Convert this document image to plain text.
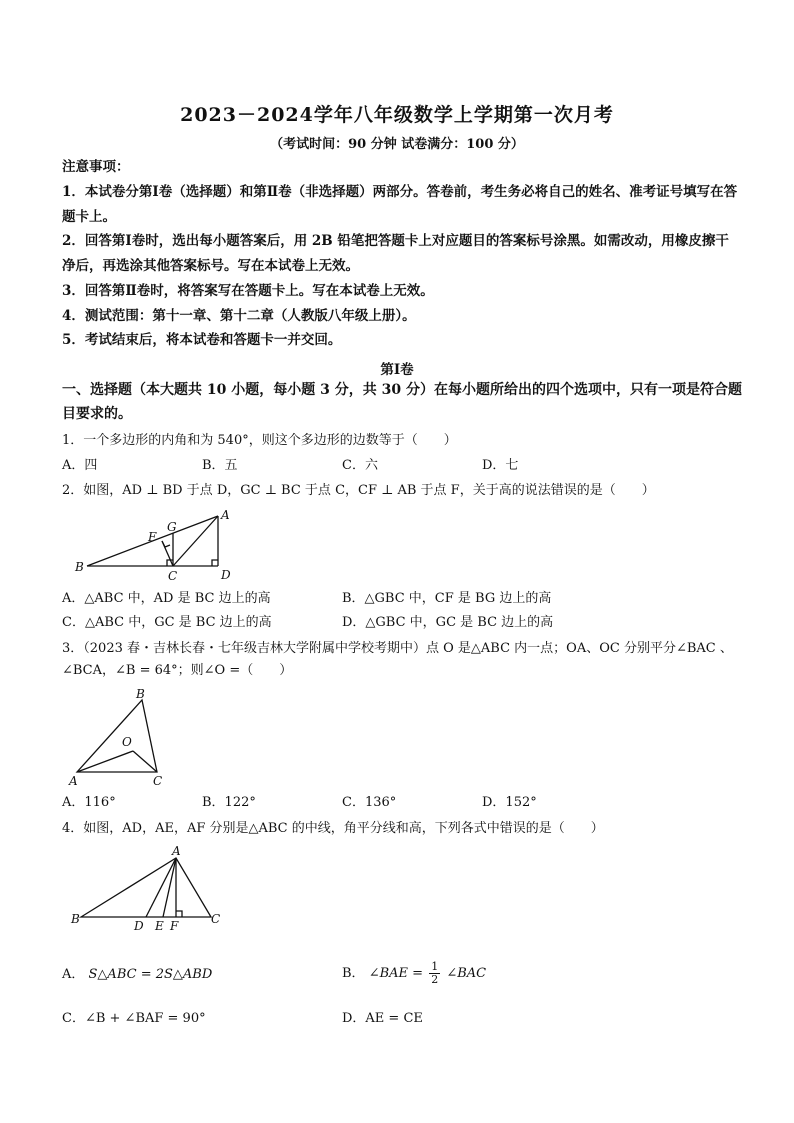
2023－2024学年八年级数学上学期第一次月考
（考试时间：90 分钟 试卷满分：100 分）
注意事项：
1．本试卷分第Ⅰ卷（选择题）和第Ⅱ卷（非选择题）两部分。答卷前，考生务必将自己的姓名、准考证号填写在答题卡上。
2．回答第Ⅰ卷时，选出每小题答案后，用 2B 铅笔把答题卡上对应题目的答案标号涂黑。如需改动，用橡皮擦干净后，再选涂其他答案标号。写在本试卷上无效。
3．回答第Ⅱ卷时，将答案写在答题卡上。写在本试卷上无效。
4．测试范围：第十一章、第十二章（人教版八年级上册）。
5．考试结束后，将本试卷和答题卡一并交回。
第Ⅰ卷
一、选择题（本大题共 10 小题，每小题 3 分，共 30 分）在每小题所给出的四个选项中，只有一项是符合题目要求的。
1．一个多边形的内角和为 540°，则这个多边形的边数等于（　　）
A．四	B．五	C．六	D．七
2．如图，AD ⊥ BD 于点 D，GC ⊥ BC 于点 C，CF ⊥ AB 于点 F，关于高的说法错误的是（　　）
A
B
C	D
F
G
A．△ABC 中，AD 是 BC 边上的高	B．△GBC 中，CF 是 BG 边上的高
C．△ABC 中，GC 是 BC 边上的高	D．△GBC 中，GC 是 BC 边上的高
3．（2023 春・吉林长春・七年级吉林大学附属中学校考期中）点 O 是△ABC 内一点；OA、OC 分别平分∠BAC 、∠BCA，∠B = 64°；则∠O =（　　）
B
A	C
O
A．116°	B．122°	C．136°	D．152°
4．如图，AD，AE，AF 分别是△ABC 的中线，角平分线和高，下列各式中错误的是（　　）
A
B	C
D E F
A． S△ABC = 2S△ABD	B． ∠BAE = $\frac{1}{2}$ ∠BAC
C．∠B + ∠BAF = 90°	D．AE = CE
